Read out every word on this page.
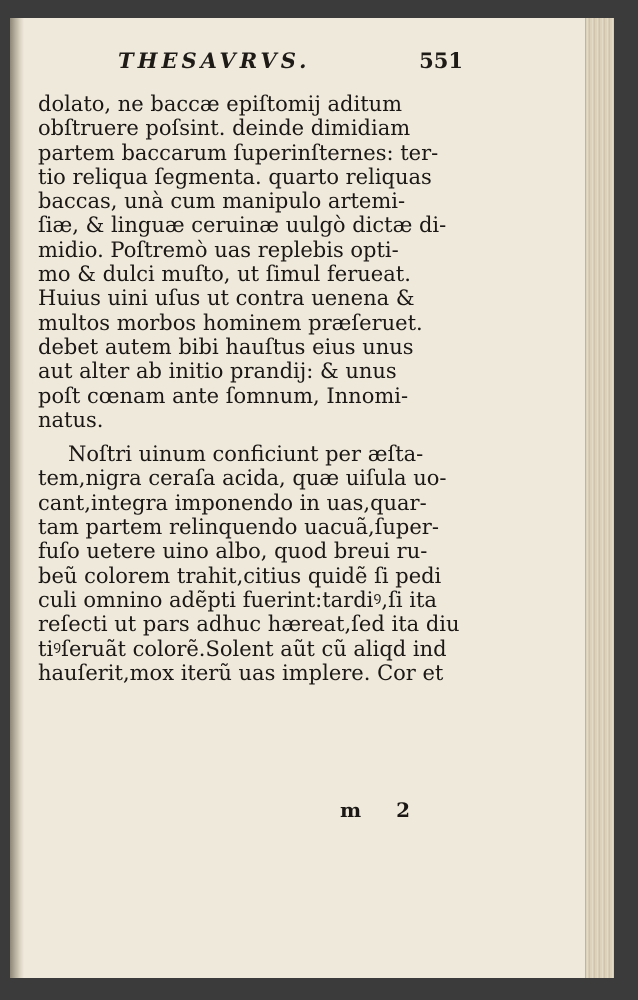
THESAVRVS.	551
dolato, ne baccæ epiſtomij aditum
obſtruere poſsint. deinde dimidiam
partem baccarum ſuperinſternes: ter-
tio reliqua ſegmenta. quarto reliquas
baccas, unà cum manipulo artemi-
ſiæ, & linguæ ceruinæ uulgò dictæ di-
midio. Poſtremò uas replebis opti-
mo & dulci muſto, ut ſimul ferueat.
Huius uini uſus ut contra uenena &
multos morbos hominem præſeruet.
debet autem bibi hauſtus eius unus
aut alter ab initio prandij: & unus
poſt cœnam ante ſomnum, Innomi-
natus.
Noſtri uinum conficiunt per æſta-
tem,nigra ceraſa acida, quæ uiſula uo-
cant,integra imponendo in uas,quar-
tam partem relinquendo uacuã,ſuper-
fuſo uetere uino albo, quod breui ru-
beũ colorem trahit,citius quidẽ ſi pedi
culi omnino adẽpti fuerint:tardiꝰ,ſi ita
reſecti ut pars adhuc hæreat,ſed ita diu
tiꝰſeruãt colorẽ.Solent aũt cũ aliqd ind
hauſerit,mox iterũ uas implere. Cor et
m 2
